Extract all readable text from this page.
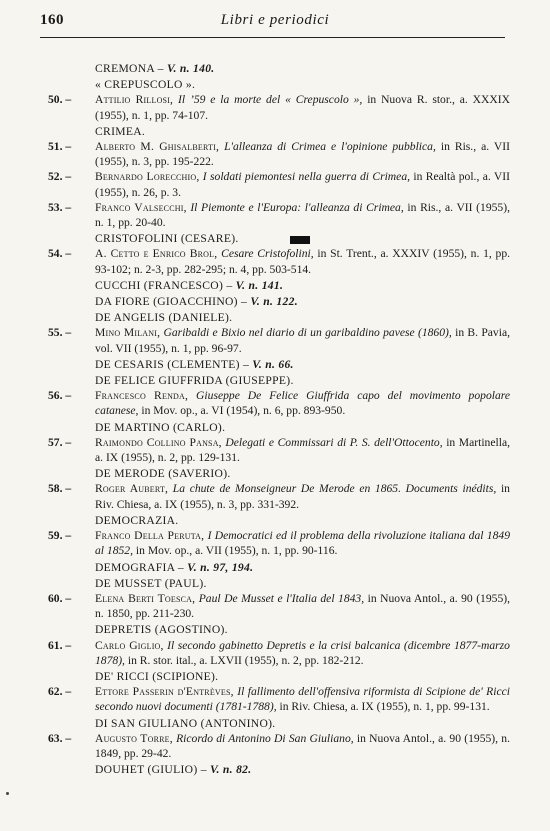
160	Libri e periodici
CREMONA – V. n. 140.
« CREPUSCOLO ».
50. – Attilio Rillosi, Il ’59 e la morte del « Crepuscolo », in Nuova R. stor., a. XXXIX (1955), n. 1, pp. 74-107.
CRIMEA.
51. – Alberto M. Ghisalberti, L'alleanza di Crimea e l'opinione pubblica, in Ris., a. VII (1955), n. 3, pp. 195-222.
52. – Bernardo Lorecchio, I soldati piemontesi nella guerra di Crimea, in Realtà pol., a. VII (1955), n. 26, p. 3.
53. – Franco Valsecchi, Il Piemonte e l'Europa: l'alleanza di Crimea, in Ris., a. VII (1955), n. 1, pp. 20-40.
CRISTOFOLINI (CESARE).
54. – A. Cetto e Enrico Brol, Cesare Cristofolini, in St. Trent., a. XXXIV (1955), n. 1, pp. 93-102; n. 2-3, pp. 282-295; n. 4, pp. 503-514.
CUCCHI (FRANCESCO) – V. n. 141.
DA FIORE (GIOACCHINO) – V. n. 122.
DE ANGELIS (DANIELE).
55. – Mino Milani, Garibaldi e Bixio nel diario di un garibaldino pavese (1860), in B. Pavia, vol. VII (1955), n. 1, pp. 96-97.
DE CESARIS (CLEMENTE) – V. n. 66.
DE FELICE GIUFFRIDA (GIUSEPPE).
56. – Francesco Renda, Giuseppe De Felice Giuffrida capo del movimento popolare catanese, in Mov. op., a. VI (1954), n. 6, pp. 893-950.
DE MARTINO (CARLO).
57. – Raimondo Collino Pansa, Delegati e Commissari di P. S. dell'Ottocento, in Martinella, a. IX (1955), n. 2, pp. 129-131.
DE MERODE (SAVERIO).
58. – Roger Aubert, La chute de Monseigneur De Merode en 1865. Documents inédits, in Riv. Chiesa, a. IX (1955), n. 3, pp. 331-392.
DEMOCRAZIA.
59. – Franco Della Peruta, I Democratici ed il problema della rivoluzione italiana dal 1849 al 1852, in Mov. op., a. VII (1955), n. 1, pp. 90-116.
DEMOGRAFIA – V. n. 97, 194.
DE MUSSET (PAUL).
60. – Elena Berti Toesca, Paul De Musset e l'Italia del 1843, in Nuova Antol., a. 90 (1955), n. 1850, pp. 211-230.
DEPRETIS (AGOSTINO).
61. – Carlo Giglio, Il secondo gabinetto Depretis e la crisi balcanica (dicembre 1877-marzo 1878), in R. stor. ital., a. LXVII (1955), n. 2, pp. 182-212.
DE' RICCI (SCIPIONE).
62. – Ettore Passerin d'Entrèves, Il fallimento dell'offensiva riformista di Scipione de' Ricci secondo nuovi documenti (1781-1788), in Riv. Chiesa, a. IX (1955), n. 1, pp. 99-131.
DI SAN GIULIANO (ANTONINO).
63. – Augusto Torre, Ricordo di Antonino Di San Giuliano, in Nuova Antol., a. 90 (1955), n. 1849, pp. 29-42.
DOUHET (GIULIO) – V. n. 82.
